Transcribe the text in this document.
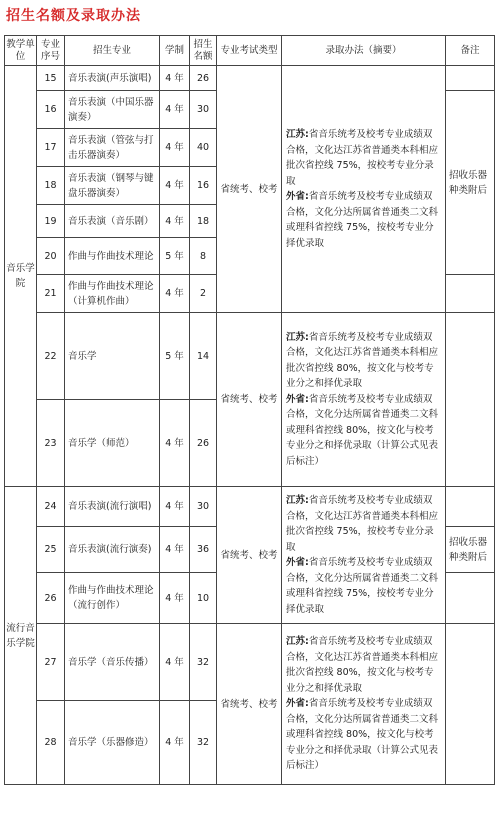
招生名额及录取办法
教学单位	专业序号	招生专业	学制	招生名额	专业考试类型	录取办法（摘要）	备注
音乐学院	15	音乐表演(声乐演唱)	4 年	26	省统考、校考	江苏:省音乐统考及校考专业成绩双合格，文化达江苏省普通类本科相应批次省控线 75%，按校考专业分录取
外省:省音乐统考及校考专业成绩双合格，文化分达所属省普通类二文科或理科省控线 75%，按校考专业分择优录取	
	16	音乐表演（中国乐器演奏）	4 年	30			招收乐器种类附后
	17	音乐表演（管弦与打击乐器演奏）	4 年	40			
	18	音乐表演（钢琴与键盘乐器演奏）	4 年	16			
	19	音乐表演（音乐剧）	4 年	18			
	20	作曲与作曲技术理论	5 年	8			
	21	作曲与作曲技术理论（计算机作曲）	4 年	2			
	22	音乐学	5 年	14	省统考、校考	江苏:省音乐统考及校考专业成绩双合格，文化达江苏省普通类本科相应批次省控线 80%，按文化与校考专业分之和择优录取
外省:省音乐统考及校考专业成绩双合格，文化分达所属省普通类二文科或理科省控线 80%，按文化与校考专业分之和择优录取（计算公式见表后标注）	
	23	音乐学（师范）	4 年	26			
流行音乐学院	24	音乐表演(流行演唱)	4 年	30	省统考、校考	江苏:省音乐统考及校考专业成绩双合格，文化达江苏省普通类本科相应批次省控线 75%，按校考专业分录取
外省:省音乐统考及校考专业成绩双合格，文化分达所属省普通类二文科或理科省控线 75%，按校考专业分择优录取	
	25	音乐表演(流行演奏)	4 年	36			招收乐器种类附后
	26	作曲与作曲技术理论（流行创作）	4 年	10			
	27	音乐学（音乐传播）	4 年	32	省统考、校考	江苏:省音乐统考及校考专业成绩双合格，文化达江苏省普通类本科相应批次省控线 80%，按文化与校考专业分之和择优录取
外省:省音乐统考及校考专业成绩双合格，文化分达所属省普通类二文科或理科省控线 80%，按文化与校考专业分之和择优录取（计算公式见表后标注）	
	28	音乐学（乐器修造）	4 年	32			
